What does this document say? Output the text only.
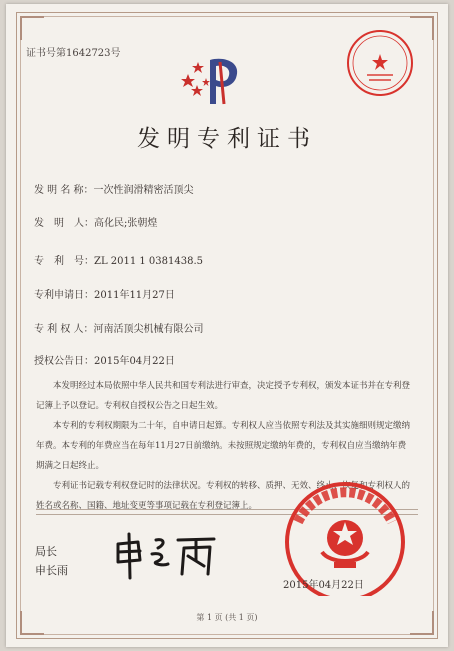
证书号第1642723号
发明专利证书
发 明 名 称：一次性润滑精密活顶尖
发　明　人：高化民;张朝煌
专　利　号：ZL 2011 1 0381438.5
专利申请日：2011年11月27日
专 利 权 人：河南活顶尖机械有限公司
授权公告日：2015年04月22日

本发明经过本局依照中华人民共和国专利法进行审查，决定授予专利权，颁发本证书并在专利登记簿上予以登记。专利权自授权公告之日起生效。

本专利的专利权期限为二十年，自申请日起算。专利权人应当依照专利法及其实施细则规定缴纳年费。本专利的年费应当在每年11月27日前缴纳。未按照规定缴纳年费的，专利权自应当缴纳年费期满之日起终止。

专利证书记载专利权登记时的法律状况。专利权的转移、质押、无效、终止、恢复和专利权人的姓名或名称、国籍、地址变更等事项记载在专利登记簿上。

局长
申长雨
2015年04月22日
第 1 页 (共 1 页)
